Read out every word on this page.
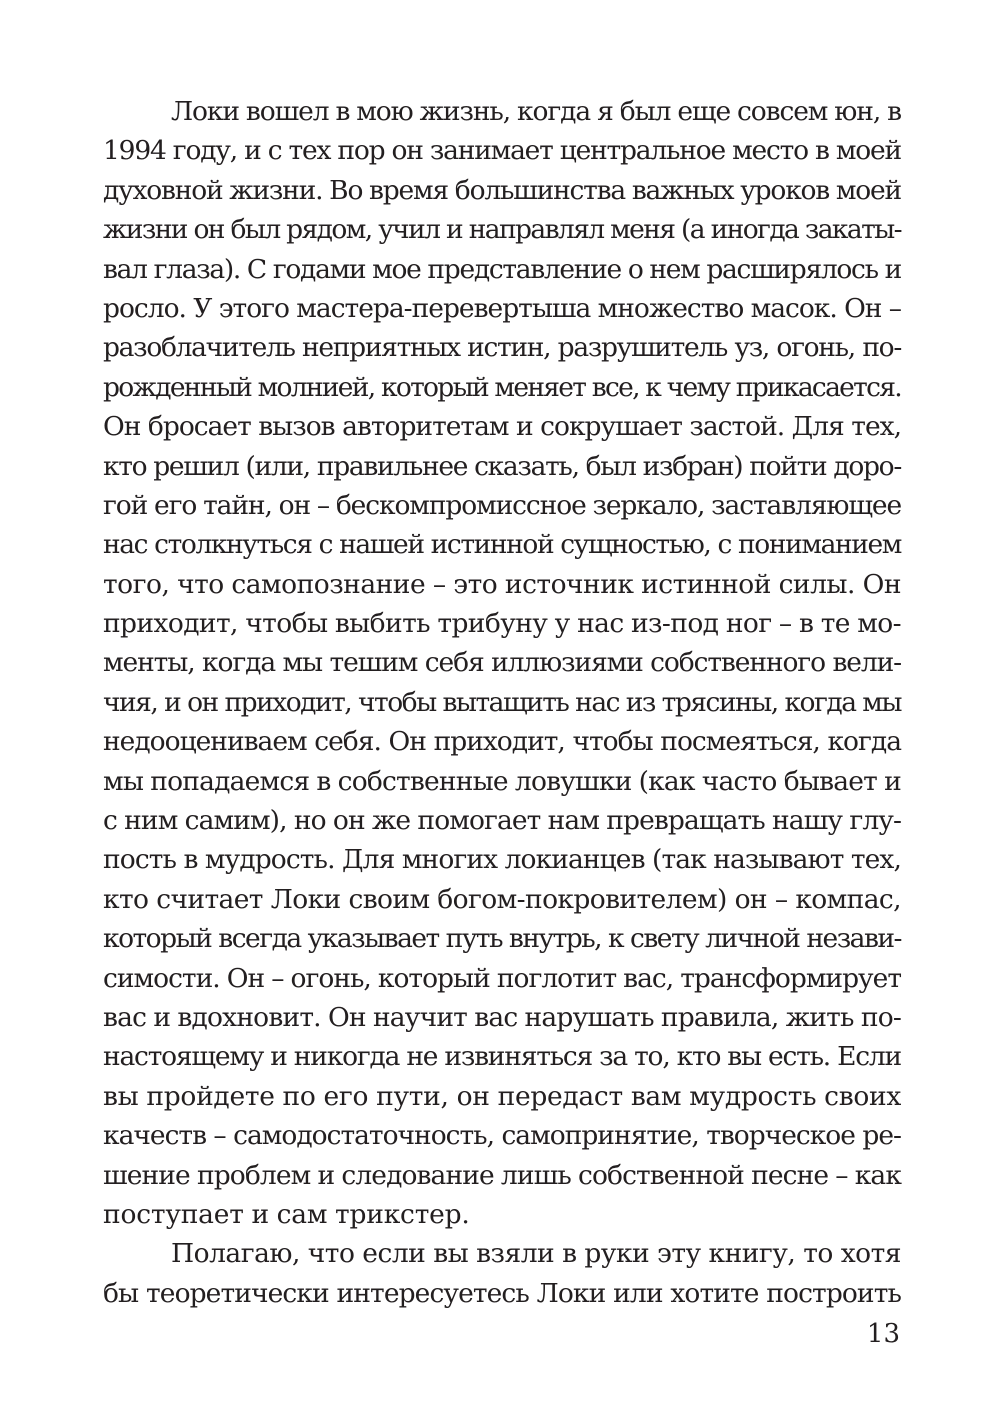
Локи вошел в мою жизнь, когда я был еще совсем юн, в
1994 году, и с тех пор он занимает центральное место в моей
духовной жизни. Во время большинства важных уроков моей
жизни он был рядом, учил и направлял меня (а иногда закаты-
вал глаза). С годами мое представление о нем расширялось и
росло. У этого мастера-перевертыша множество масок. Он –
разоблачитель неприятных истин, разрушитель уз, огонь, по-
рожденный молнией, который меняет все, к чему прикасается.
Он бросает вызов авторитетам и сокрушает застой. Для тех,
кто решил (или, правильнее сказать, был избран) пойти доро-
гой его тайн, он – бескомпромиссное зеркало, заставляющее
нас столкнуться с нашей истинной сущностью, с пониманием
того, что самопознание – это источник истинной силы. Он
приходит, чтобы выбить трибуну у нас из-под ног – в те мо-
менты, когда мы тешим себя иллюзиями собственного вели-
чия, и он приходит, чтобы вытащить нас из трясины, когда мы
недооцениваем себя. Он приходит, чтобы посмеяться, когда
мы попадаемся в собственные ловушки (как часто бывает и
с ним самим), но он же помогает нам превращать нашу глу-
пость в мудрость. Для многих локианцев (так называют тех,
кто считает Локи своим богом-покровителем) он – компас,
который всегда указывает путь внутрь, к свету личной незави-
симости. Он – огонь, который поглотит вас, трансформирует
вас и вдохновит. Он научит вас нарушать правила, жить по-
настоящему и никогда не извиняться за то, кто вы есть. Если
вы пройдете по его пути, он передаст вам мудрость своих
качеств – самодостаточность, самопринятие, творческое ре-
шение проблем и следование лишь собственной песне – как
поступает и сам трикстер.
Полагаю, что если вы взяли в руки эту книгу, то хотя
бы теоретически интересуетесь Локи или хотите построить
13
